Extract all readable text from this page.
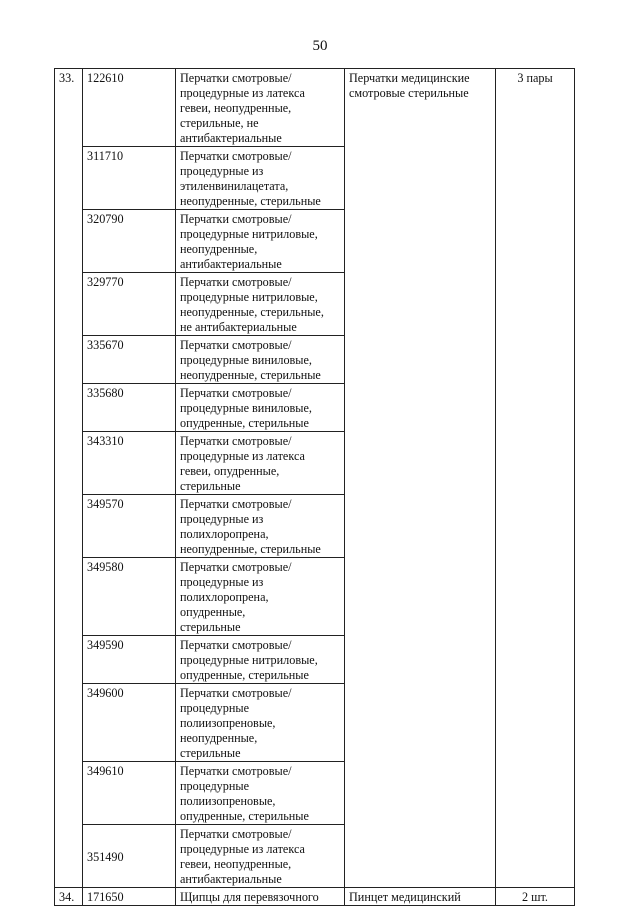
50
33.	122610	Перчатки смотровые/
процедурные из латекса
гевеи, неопудренные,
стерильные, не
антибактериальные	Перчатки медицинские смотровые стерильные	3 пары
	311710	Перчатки смотровые/
процедурные из
этиленвинилацетата,
неопудренные, стерильные		

	320790	Перчатки смотровые/
процедурные нитриловые,
неопудренные,
антибактериальные		

	329770	Перчатки смотровые/
процедурные нитриловые,
неопудренные, стерильные,
не антибактериальные		

	335670	Перчатки смотровые/
процедурные виниловые,
неопудренные, стерильные		

	335680	Перчатки смотровые/
процедурные виниловые,
опудренные, стерильные		

	343310	Перчатки смотровые/
процедурные из латекса
гевеи, опудренные,
стерильные		

	349570	Перчатки смотровые/
процедурные из
полихлоропрена,
неопудренные, стерильные		

	349580	Перчатки смотровые/
процедурные из
полихлоропрена,
опудренные,
стерильные		

	349590	Перчатки смотровые/
процедурные нитриловые,
опудренные, стерильные		

	349600	Перчатки смотровые/
процедурные
полиизопреновые,
неопудренные,
стерильные		

	349610	Перчатки смотровые/
процедурные
полиизопреновые,
опудренные, стерильные		

	351490	Перчатки смотровые/
процедурные из латекса
гевеи, неопудренные,
антибактериальные		

34.	171650	Щипцы для перевязочного	Пинцет медицинский	2 шт.
